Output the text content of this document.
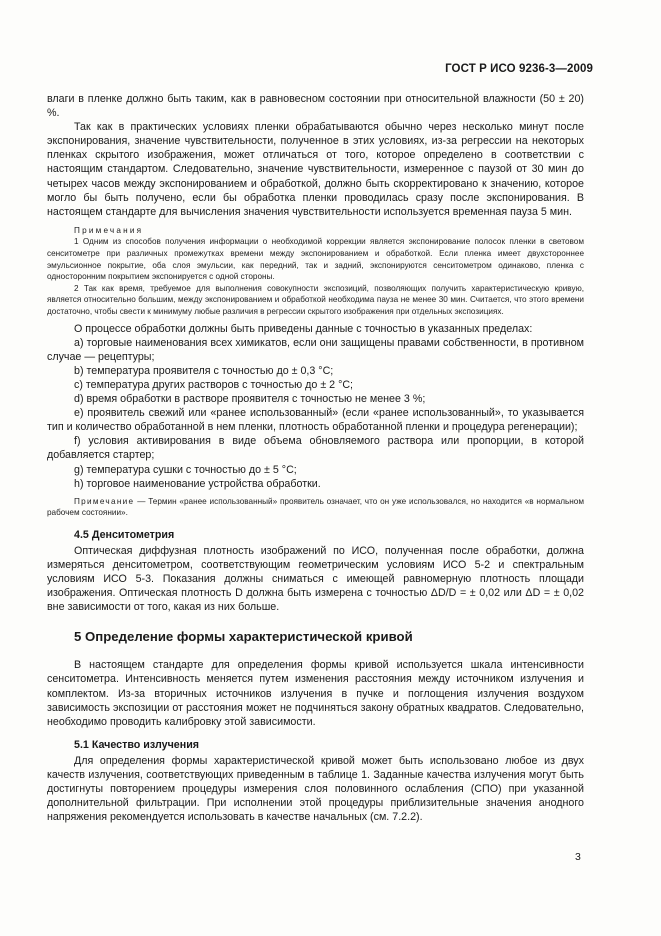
ГОСТ Р ИСО 9236-3—2009

влаги в пленке должно быть таким, как в равновесном состоянии при относительной влажности (50 ± 20) %.

Так как в практических условиях пленки обрабатываются обычно через несколько минут после экспонирования, значение чувствительности, полученное в этих условиях, из-за регрессии на некоторых пленках скрытого изображения, может отличаться от того, которое определено в соответствии с настоящим стандартом. Следовательно, значение чувствительности, измеренное с паузой от 30 мин до четырех часов между экспонированием и обработкой, должно быть скорректировано к значению, которое могло бы быть получено, если бы обработка пленки проводилась сразу после экспонирования. В настоящем стандарте для вычисления значения чувствительности используется временная пауза 5 мин.

Примечания

1 Одним из способов получения информации о необходимой коррекции является экспонирование полосок пленки в световом сенситометре при различных промежутках времени между экспонированием и обработкой. Если пленка имеет двухстороннее эмульсионное покрытие, оба слоя эмульсии, как передний, так и задний, экспонируются сенситометром одинаково, пленка с односторонним покрытием экспонируется с одной стороны.

2 Так как время, требуемое для выполнения совокупности экспозиций, позволяющих получить характеристическую кривую, является относительно большим, между экспонированием и обработкой необходима пауза не менее 30 мин. Считается, что этого времени достаточно, чтобы свести к минимуму любые различия в регрессии скрытого изображения при отдельных экспозициях.

О процессе обработки должны быть приведены данные с точностью в указанных пределах:

а) торговые наименования всех химикатов, если они защищены правами собственности, в противном случае — рецептуры;

b) температура проявителя с точностью до ± 0,3 °С;

с) температура других растворов с точностью до ± 2 °С;

d) время обработки в растворе проявителя с точностью не менее 3 %;

е) проявитель свежий или «ранее использованный» (если «ранее использованный», то указывается тип и количество обработанной в нем пленки, плотность обработанной пленки и процедура регенерации);

f) условия активирования в виде объема обновляемого раствора или пропорции, в которой добавляется стартер;

g) температура сушки с точностью до ± 5 °С;

h) торговое наименование устройства обработки.

Примечание — Термин «ранее использованный» проявитель означает, что он уже использовался, но находится «в нормальном рабочем состоянии».

4.5 Денситометрия

Оптическая диффузная плотность изображений по ИСО, полученная после обработки, должна измеряться денситометром, соответствующим геометрическим условиям ИСО 5-2 и спектральным условиям ИСО 5-3. Показания должны сниматься с имеющей равномерную плотность площади изображения. Оптическая плотность D должна быть измерена с точностью ΔD/D = ± 0,02 или ΔD = ± 0,02 вне зависимости от того, какая из них больше.

5 Определение формы характеристической кривой

В настоящем стандарте для определения формы кривой используется шкала интенсивности сенситометра. Интенсивность меняется путем изменения расстояния между источником излучения и комплектом. Из-за вторичных источников излучения в пучке и поглощения излучения воздухом зависимость экспозиции от расстояния может не подчиняться закону обратных квадратов. Следовательно, необходимо проводить калибровку этой зависимости.

5.1 Качество излучения

Для определения формы характеристической кривой может быть использовано любое из двух качеств излучения, соответствующих приведенным в таблице 1. Заданные качества излучения могут быть достигнуты повторением процедуры измерения слоя половинного ослабления (СПО) при указанной дополнительной фильтрации. При исполнении этой процедуры приблизительные значения анодного напряжения рекомендуется использовать в качестве начальных (см. 7.2.2).

3
